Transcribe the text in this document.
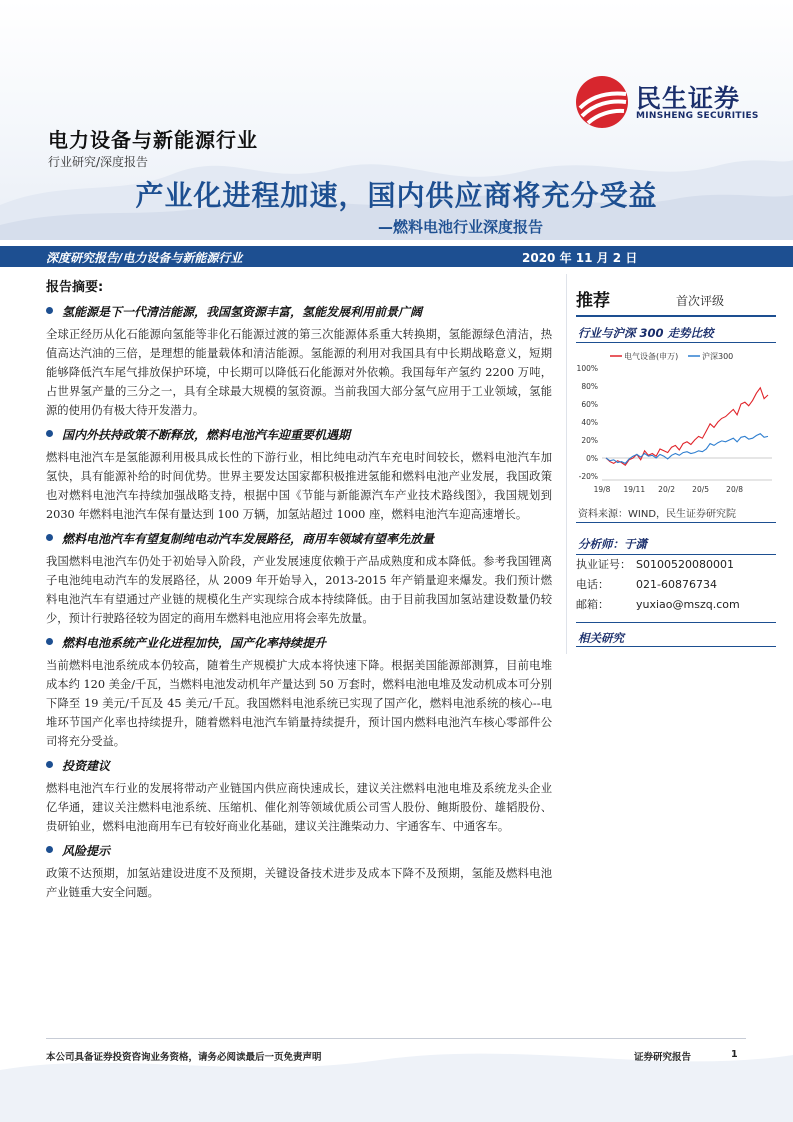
民生证券
MINSHENG SECURITIES
电力设备与新能源行业
行业研究/深度报告
产业化进程加速，国内供应商将充分受益
—燃料电池行业深度报告
深度研究报告/电力设备与新能源行业	2020 年 11 月 2 日
报告摘要:
氢能源是下一代清洁能源，我国氢资源丰富，氢能发展利用前景广阔

全球正经历从化石能源向氢能等非化石能源过渡的第三次能源体系重大转换期，氢能源绿色清洁，热值高达汽油的三倍，是理想的能量载体和清洁能源。氢能源的利用对我国具有中长期战略意义，短期能够降低汽车尾气排放保护环境，中长期可以降低石化能源对外依赖。我国每年产氢约 2200 万吨，占世界氢产量的三分之一，具有全球最大规模的氢资源。当前我国大部分氢气应用于工业领域，氢能源的使用仍有极大待开发潜力。

国内外扶持政策不断释放，燃料电池汽车迎重要机遇期

燃料电池汽车是氢能源利用极具成长性的下游行业，相比纯电动汽车充电时间较长，燃料电池汽车加氢快，具有能源补给的时间优势。世界主要发达国家都积极推进氢能和燃料电池产业发展，我国政策也对燃料电池汽车持续加强战略支持，根据中国《节能与新能源汽车产业技术路线图》，我国规划到 2030 年燃料电池汽车保有量达到 100 万辆，加氢站超过 1000 座，燃料电池汽车迎高速增长。

燃料电池汽车有望复制纯电动汽车发展路径，商用车领域有望率先放量

我国燃料电池汽车仍处于初始导入阶段，产业发展速度依赖于产品成熟度和成本降低。参考我国锂离子电池纯电动汽车的发展路径，从 2009 年开始导入，2013-2015 年产销量迎来爆发。我们预计燃料电池汽车有望通过产业链的规模化生产实现综合成本持续降低。由于目前我国加氢站建设数量仍较少，预计行驶路径较为固定的商用车燃料电池应用将会率先放量。

燃料电池系统产业化进程加快，国产化率持续提升

当前燃料电池系统成本仍较高，随着生产规模扩大成本将快速下降。根据美国能源部测算，目前电堆成本约 120 美金/千瓦，当燃料电池发动机年产量达到 50 万套时，燃料电池电堆及发动机成本可分别下降至 19 美元/千瓦及 45 美元/千瓦。我国燃料电池系统已实现了国产化，燃料电池系统的核心--电堆环节国产化率也持续提升，随着燃料电池汽车销量持续提升，预计国内燃料电池汽车核心零部件公司将充分受益。

投资建议

燃料电池汽车行业的发展将带动产业链国内供应商快速成长，建议关注燃料电池电堆及系统龙头企业亿华通，建议关注燃料电池系统、压缩机、催化剂等领域优质公司雪人股份、鲍斯股份、雄韬股份、贵研铂业，燃料电池商用车已有较好商业化基础，建议关注潍柴动力、宇通客车、中通客车。

风险提示

政策不达预期，加氢站建设进度不及预期，关键设备技术进步及成本下降不及预期，氢能及燃料电池产业链重大安全问题。

推荐	首次评级
行业与沪深 300 走势比较
电气设备(申万)	沪深300
100%
80%
60%
40%
20%
0%
-20%
19/8 19/11 20/2 20/5 20/8
资料来源：WIND，民生证券研究院
分析师：于潇
执业证号： S0100520080001
电话： 021-60876734
邮箱： yuxiao@mszq.com
相关研究
本公司具备证券投资咨询业务资格，请务必阅读最后一页免责声明	证券研究报告	1
